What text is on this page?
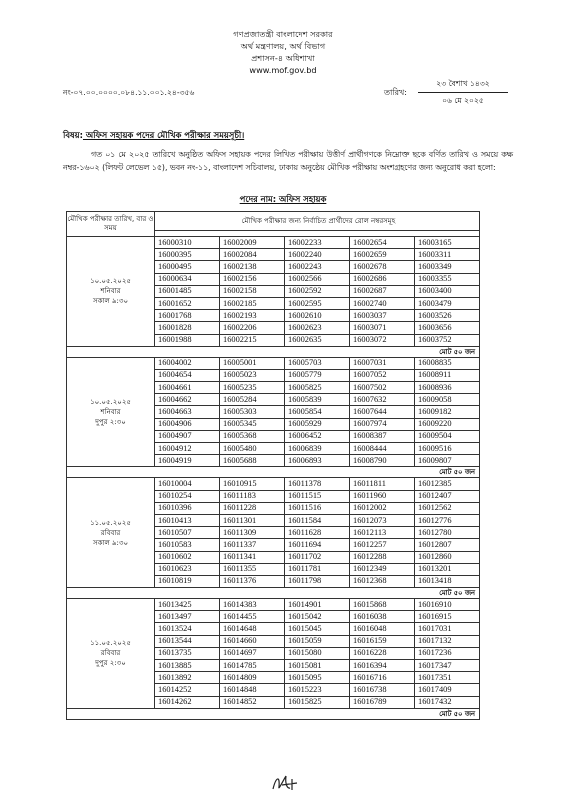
গণপ্রজাতন্ত্রী বাংলাদেশ সরকার
অর্থ মন্ত্রণালয়, অর্থ বিভাগ
প্রশাসন-৪ অধিশাখা
www.mof.gov.bd
নং-০৭.০০.০০০০.০৮৪.১১.০০১.২৪-৩৫৬	তারিখ:
২৩ বৈশাখ ১৪৩২
০৬ মে ২০২৫
বিষয়: অফিস সহায়ক পদের মৌখিক পরীক্ষার সময়সূচী।
গত ০১ মে ২০২৫ তারিখে অনুষ্ঠিত অফিস সহায়ক পদের লিখিত পরীক্ষায় উত্তীর্ণ প্রার্থীগণকে নিম্নোক্ত ছকে বর্ণিত তারিখ ও সময়ে কক্ষ নম্বর-১৬০২ (লিফট লেভেল ১৫), ভবন নং-১১, বাংলাদেশ সচিবালয়, ঢাকায় অনুষ্ঠেয় মৌখিক পরীক্ষায় অংশগ্রহণের জন্য অনুরোধ করা হলো:
পদের নাম: অফিস সহায়ক
মৌখিক পরীক্ষার তারিখ, বার ও সময়	মৌখিক পরীক্ষার জন্য নির্বাচিত প্রার্থীদের রোল নম্বরসমূহ				

১০.০৫.২০২৫
শনিবার
সকাল ৯:৩০	16000310	16002009	16002233	16002654	16003165
	16000395	16002084	16002240	16002659	16003311
	16000495	16002138	16002243	16002678	16003349
	16000634	16002156	16002566	16002686	16003355
	16001485	16002158	16002592	16002687	16003400
	16001652	16002185	16002595	16002740	16003479
	16001768	16002193	16002610	16003037	16003526
	16001828	16002206	16002623	16003071	16003656
	16001988	16002215	16002635	16003072	16003752
মোট ৫০ জন					

১০.০৫.২০২৫
শনিবার
দুপুর ২:৩০	16004002	16005001	16005703	16007031	16008835
	16004654	16005023	16005779	16007052	16008911
	16004661	16005235	16005825	16007502	16008936
	16004662	16005284	16005839	16007632	16009058
	16004663	16005303	16005854	16007644	16009182
	16004906	16005345	16005929	16007974	16009220
	16004907	16005368	16006452	16008387	16009504
	16004912	16005480	16006839	16008444	16009516
	16004919	16005688	16006893	16008790	16009807
মোট ৫০ জন					

১১.০৫.২০২৫
রবিবার
সকাল ৯:৩০	16010004	16010915	16011378	16011811	16012385
	16010254	16011183	16011515	16011960	16012407
	16010396	16011228	16011516	16012002	16012562
	16010413	16011301	16011584	16012073	16012776
	16010507	16011309	16011628	16012113	16012780
	16010583	16011337	16011694	16012257	16012807
	16010602	16011341	16011702	16012288	16012860
	16010623	16011355	16011781	16012349	16013201
	16010819	16011376	16011798	16012368	16013418
মোট ৫০ জন					

১১.০৫.২০২৫
রবিবার
দুপুর ২:৩০	16013425	16014383	16014901	16015868	16016910
	16013497	16014455	16015042	16016038	16016915
	16013524	16014648	16015045	16016048	16017031
	16013544	16014660	16015059	16016159	16017132
	16013735	16014697	16015080	16016228	16017236
	16013885	16014785	16015081	16016394	16017347
	16013892	16014809	16015095	16016716	16017351
	16014252	16014848	16015223	16016738	16017409
	16014262	16014852	16015825	16016789	16017432
মোট ৫০ জন					
